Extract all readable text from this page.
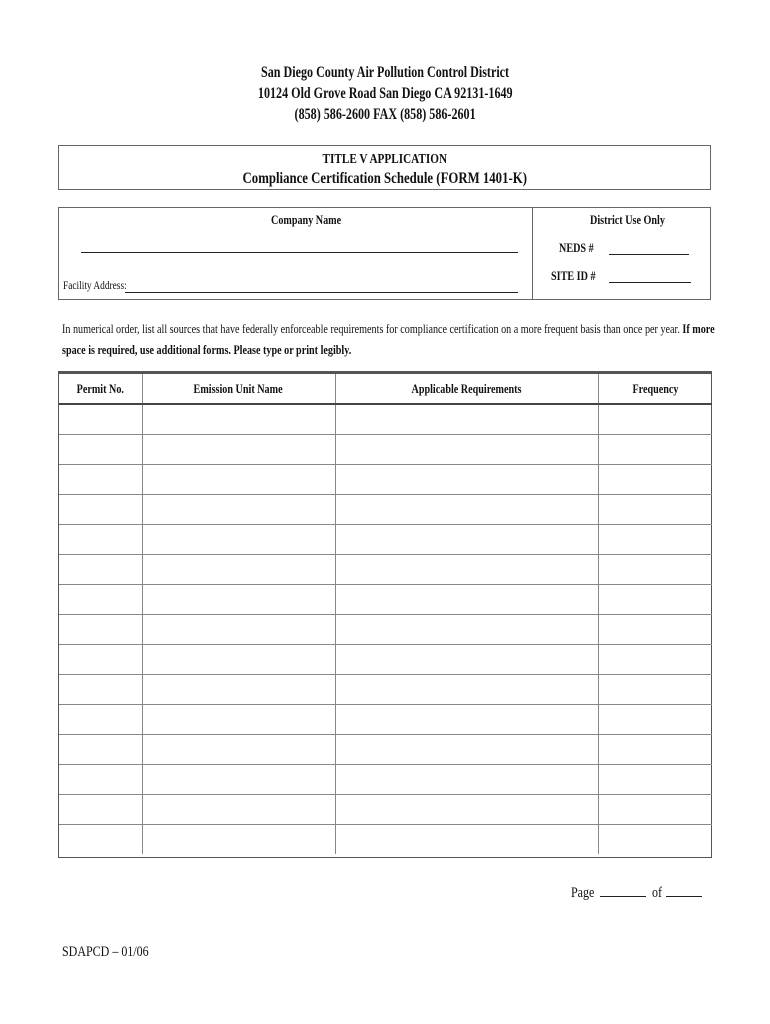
San Diego County Air Pollution Control District
10124 Old Grove Road San Diego CA 92131-1649
(858) 586-2600 FAX (858) 586-2601
TITLE V APPLICATION
Compliance Certification Schedule (FORM 1401-K)
Company Name
Facility Address:
District Use Only
NEDS #
SITE ID #
In numerical order, list all sources that have federally enforceable requirements for compliance certification on a more frequent basis than once per year. If more
space is required, use additional forms. Please type or print legibly.
Permit No.	Emission Unit Name	Applicable Requirements	Frequency

Page	of
SDAPCD – 01/06
